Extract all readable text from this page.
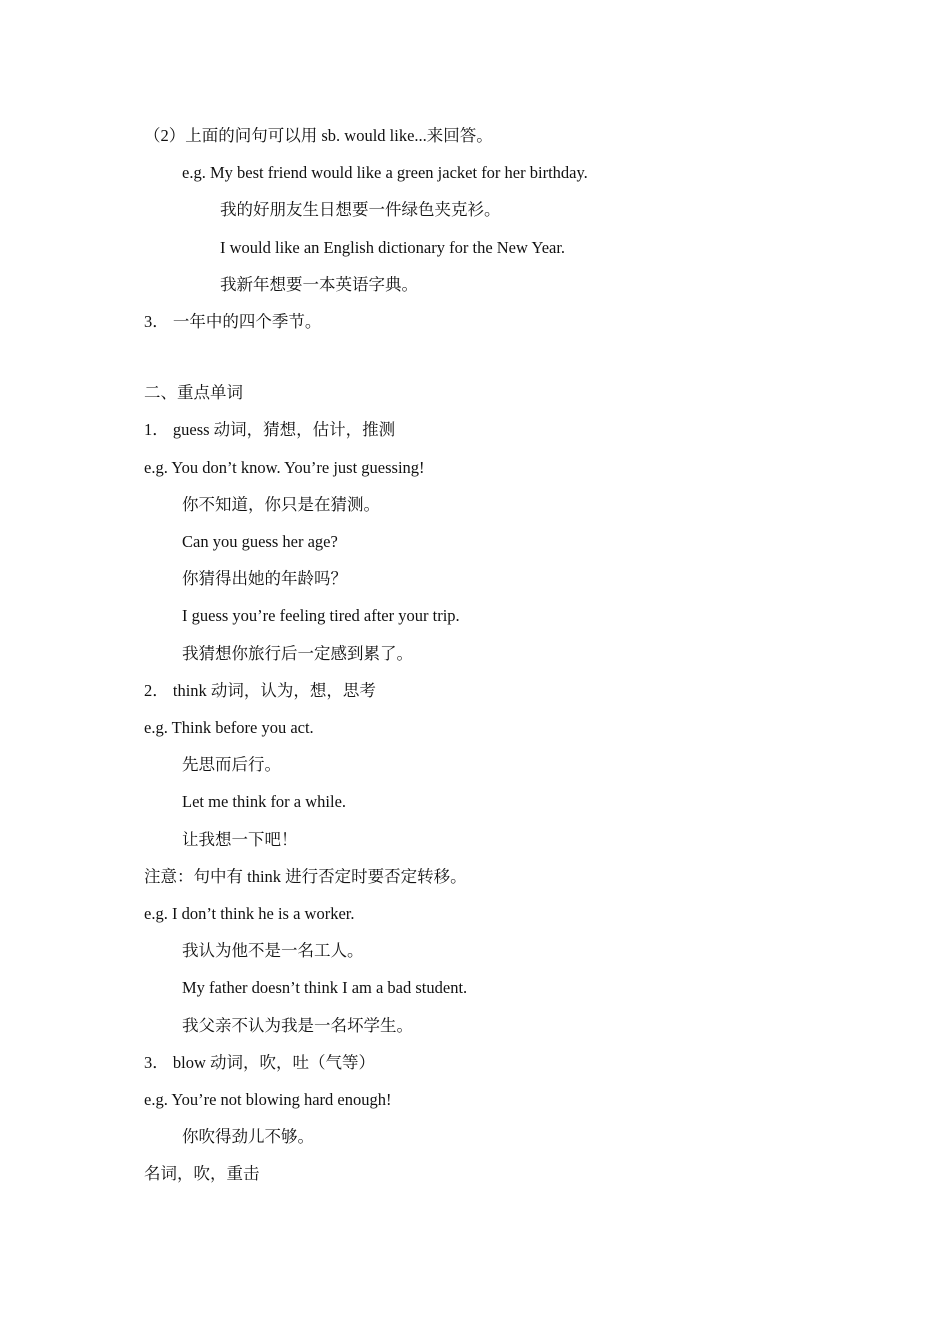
（2）上面的问句可以用 sb. would like...来回答。
e.g. My best friend would like a green jacket for her birthday.
我的好朋友生日想要一件绿色夹克衫。
I would like an English dictionary for the New Year.
我新年想要一本英语字典。
3． 一年中的四个季节。
二、重点单词
1． guess 动词，猜想，估计，推测
e.g. You don’t know. You’re just guessing!
你不知道，你只是在猜测。
Can you guess her age?
你猜得出她的年龄吗？
I guess you’re feeling tired after your trip.
我猜想你旅行后一定感到累了。
2． think 动词，认为，想，思考
e.g. Think before you act.
先思而后行。
Let me think for a while.
让我想一下吧！
注意：句中有 think 进行否定时要否定转移。
e.g. I don’t think he is a worker.
我认为他不是一名工人。
My father doesn’t think I am a bad student.
我父亲不认为我是一名坏学生。
3． blow 动词，吹，吐（气等）
e.g. You’re not blowing hard enough!
你吹得劲儿不够。
名词，吹，重击
